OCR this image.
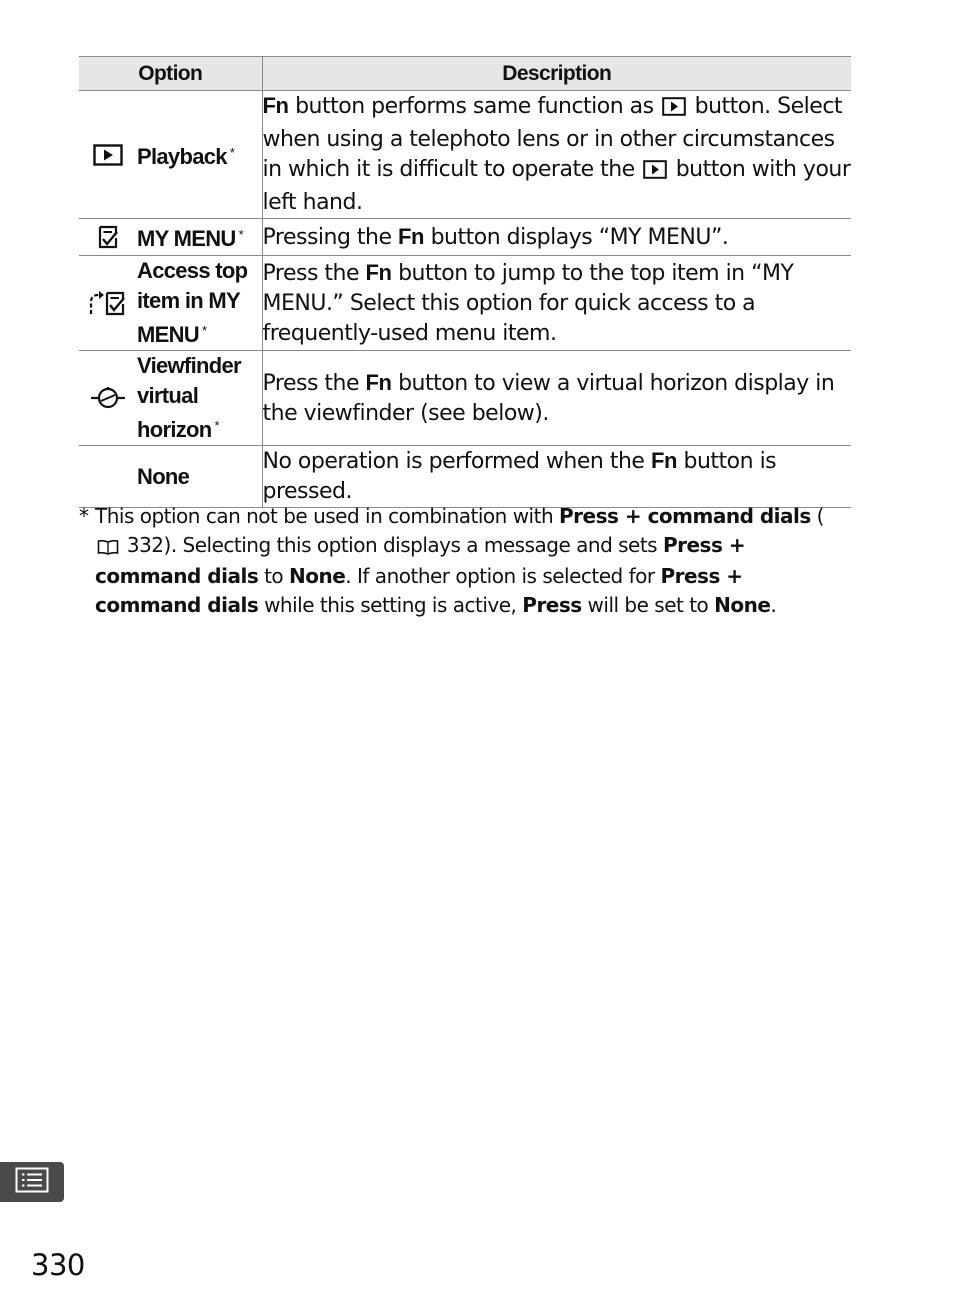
Option	Description

Playback *	Fn button performs same function as  button. Select when using a telephoto lens or in other circumstances in which it is difficult to operate the  button with your left hand.

MY MENU *	Pressing the Fn button displays “MY MENU”.

Access top
item in MY
MENU *	Press the Fn button to jump to the top item in “MY MENU.” Select this option for quick access to a frequently-used menu item.

Viewfinder
virtual
horizon *	Press the Fn button to view a virtual horizon display in the viewfinder (see below).

None	No operation is performed when the Fn button is pressed.
* This option can not be used in combination with Press + command dials ( 332). Selecting this option displays a message and sets Press + command dials to None. If another option is selected for Press + command dials while this setting is active, Press will be set to None.
330
